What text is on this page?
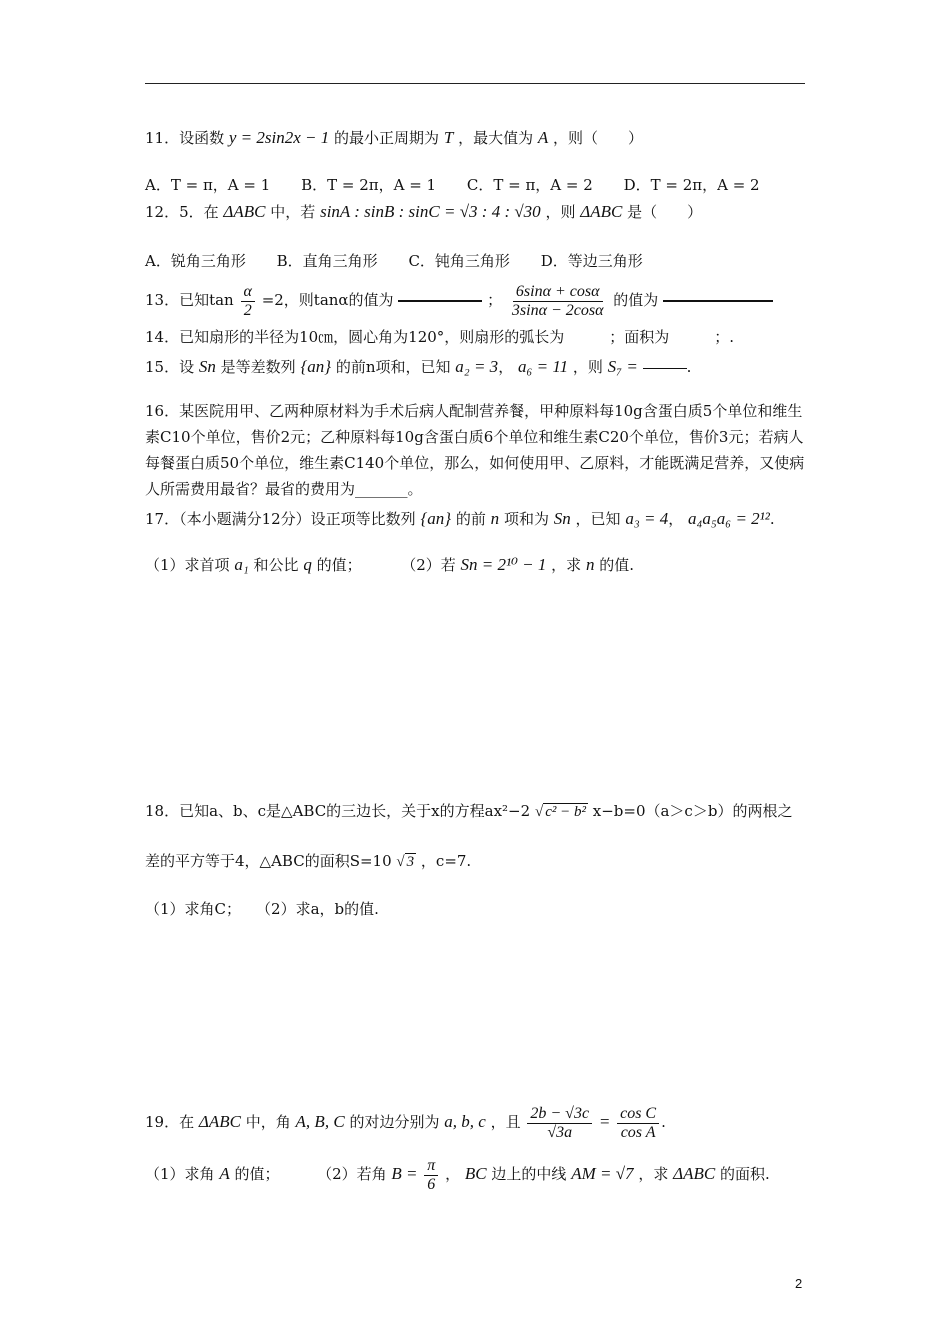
11．设函数 y = 2sin2x − 1 的最小正周期为 T ，最大值为 A ，则（　　）
A．T = π，A = 1 B．T = 2π，A = 1 C．T = π，A = 2 D．T = 2π，A = 2
12．5．在 ΔABC 中，若 sinA : sinB : sinC = √3 : 4 : √30 ，则 ΔABC 是（　　）
A．锐角三角形 B．直角三角形 C．钝角三角形 D．等边三角形
13．已知$\tan \frac{\alpha}{2} =2$，则tanα的值为	； $\frac{6\sin\alpha + \cos\alpha}{3\sin\alpha - 2\cos\alpha}$ 的值为
14．已知扇形的半径为10㎝，圆心角为120°，则扇形的弧长为　　　；面积为　　　；.
15．设 Sn 是等差数列 {an} 的前n项和，已知 a₂ = 3， a₆ = 11 ，则 S₇ =	.
16．某医院用甲、乙两种原材料为手术后病人配制营养餐，甲种原料每10g含蛋白质5个单位和维生素C10个单位，售价2元；乙种原料每10g含蛋白质6个单位和维生素C20个单位，售价3元；若病人每餐蛋白质50个单位，维生素C140个单位，那么，如何使用甲、乙原料，才能既满足营养，又使病人所需费用最省？最省的费用为_______。
17．（本小题满分12分）设正项等比数列 {an} 的前 n 项和为 Sn ，已知 a₃ = 4， a₄a₅a₆ = 2¹².
（1）求首项 a₁ 和公比 q 的值；	（2）若 Sn = 2¹⁰ − 1 ，求 n 的值.
18．已知a、b、c是△ABC的三边长，关于x的方程ax²−2 √ c² − b² x−b=0（a＞c＞b）的两根之
差的平方等于4，△ABC的面积S=10 √ 3 ，c=7.
（1）求角C；　　（2）求a，b的值.
19．在 ΔABC 中，角 A, B, C 的对边分别为 a, b, c ，且 $\frac{2b - √3c}{√3a} = \frac{\text{cos C}}{\text{cos A}}$ .
（1）求角 A 的值；	（2）若角 $B = \frac{\pi}{6}$ ， BC 边上的中线 AM = √7 ，求 ΔABC 的面积.
2
